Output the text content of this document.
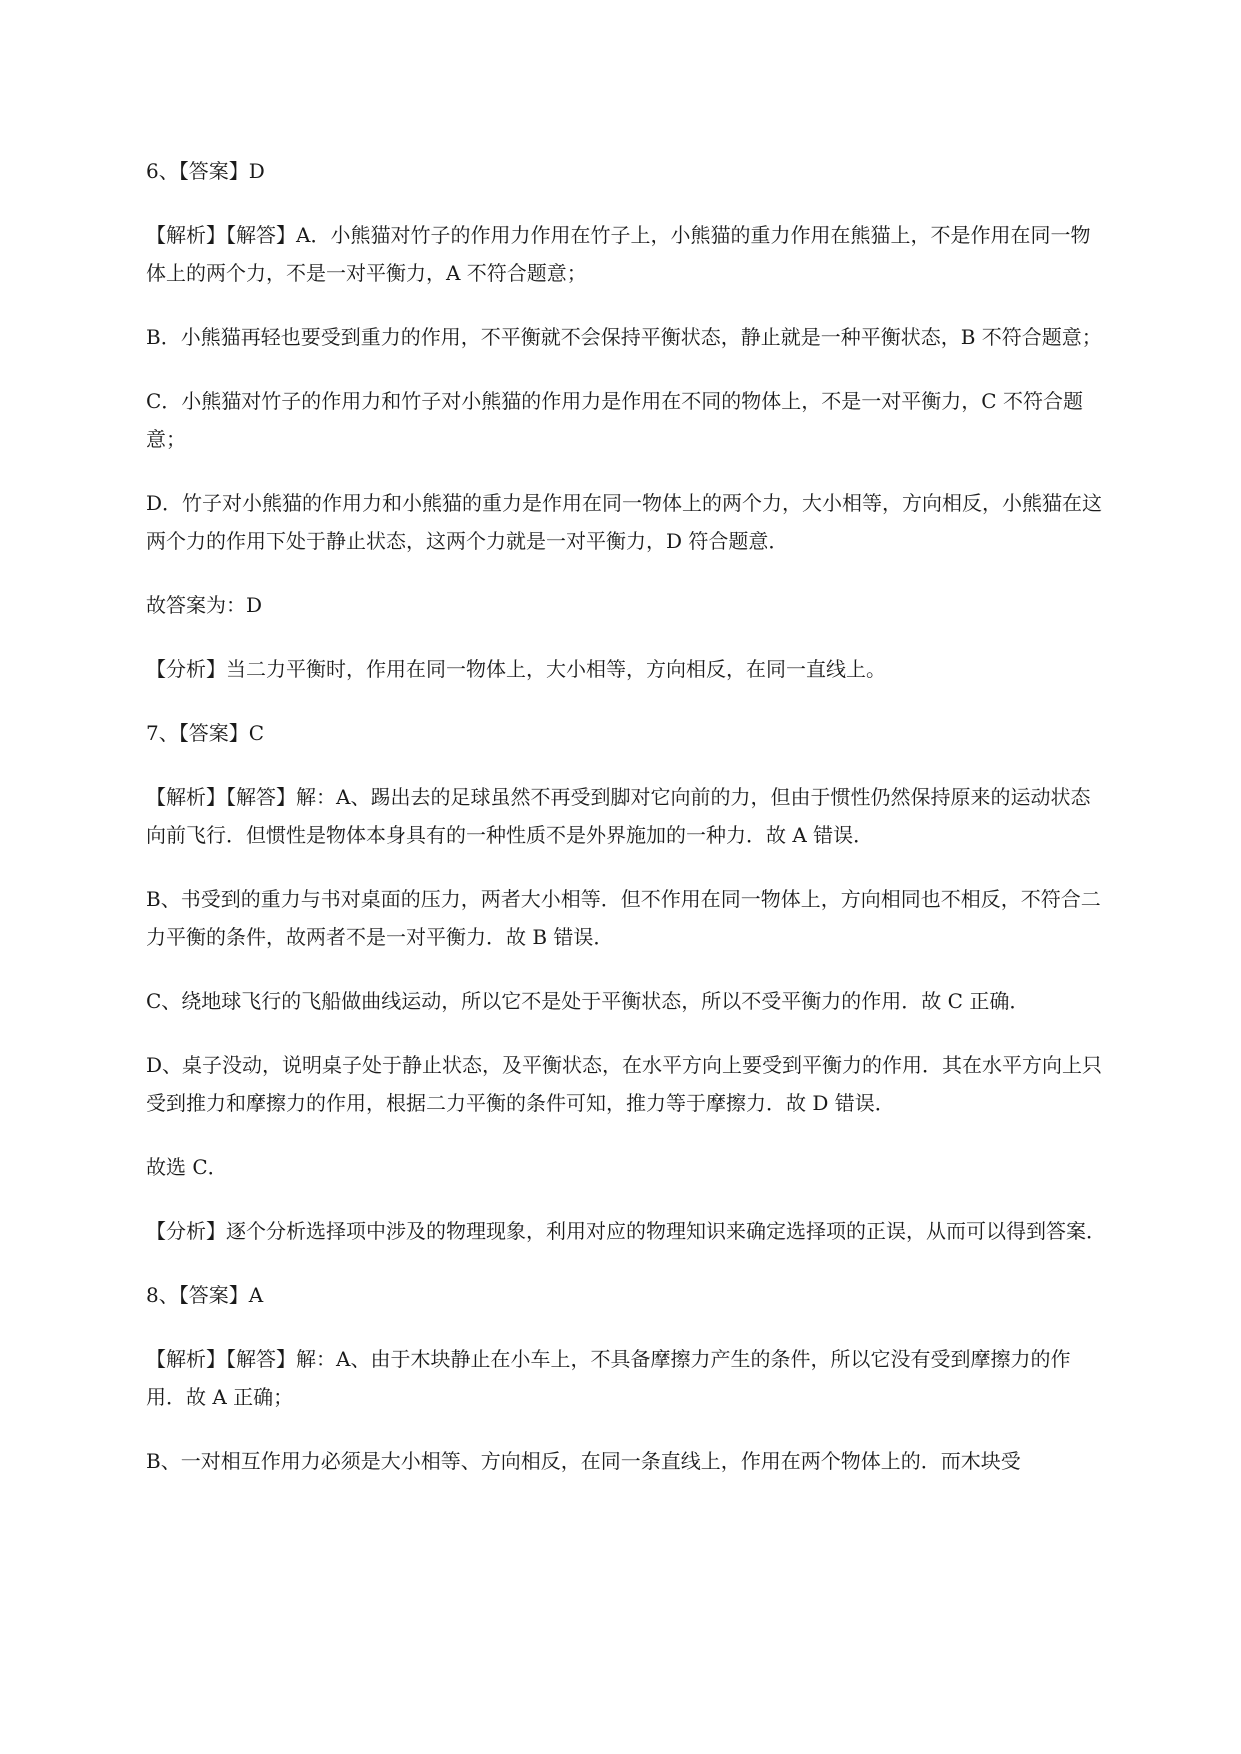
6、【答案】D

【解析】【解答】A．小熊猫对竹子的作用力作用在竹子上，小熊猫的重力作用在熊猫上，不是作用在同一物体上的两个力，不是一对平衡力，A 不符合题意；

B．小熊猫再轻也要受到重力的作用，不平衡就不会保持平衡状态，静止就是一种平衡状态，B 不符合题意；

C．小熊猫对竹子的作用力和竹子对小熊猫的作用力是作用在不同的物体上，不是一对平衡力，C 不符合题意；

D．竹子对小熊猫的作用力和小熊猫的重力是作用在同一物体上的两个力，大小相等，方向相反，小熊猫在这两个力的作用下处于静止状态，这两个力就是一对平衡力，D 符合题意．

故答案为：D

【分析】当二力平衡时，作用在同一物体上，大小相等，方向相反，在同一直线上。

7、【答案】C

【解析】【解答】解：A、踢出去的足球虽然不再受到脚对它向前的力，但由于惯性仍然保持原来的运动状态向前飞行．但惯性是物体本身具有的一种性质不是外界施加的一种力．故 A 错误．

B、书受到的重力与书对桌面的压力，两者大小相等．但不作用在同一物体上，方向相同也不相反，不符合二力平衡的条件，故两者不是一对平衡力．故 B 错误．

C、绕地球飞行的飞船做曲线运动，所以它不是处于平衡状态，所以不受平衡力的作用．故 C 正确．

D、桌子没动，说明桌子处于静止状态，及平衡状态，在水平方向上要受到平衡力的作用．其在水平方向上只受到推力和摩擦力的作用，根据二力平衡的条件可知，推力等于摩擦力．故 D 错误．

故选 C．

【分析】逐个分析选择项中涉及的物理现象，利用对应的物理知识来确定选择项的正误，从而可以得到答案．

8、【答案】A

【解析】【解答】解：A、由于木块静止在小车上，不具备摩擦力产生的条件，所以它没有受到摩擦力的作用．故 A 正确；

B、一对相互作用力必须是大小相等、方向相反，在同一条直线上，作用在两个物体上的．而木块受
